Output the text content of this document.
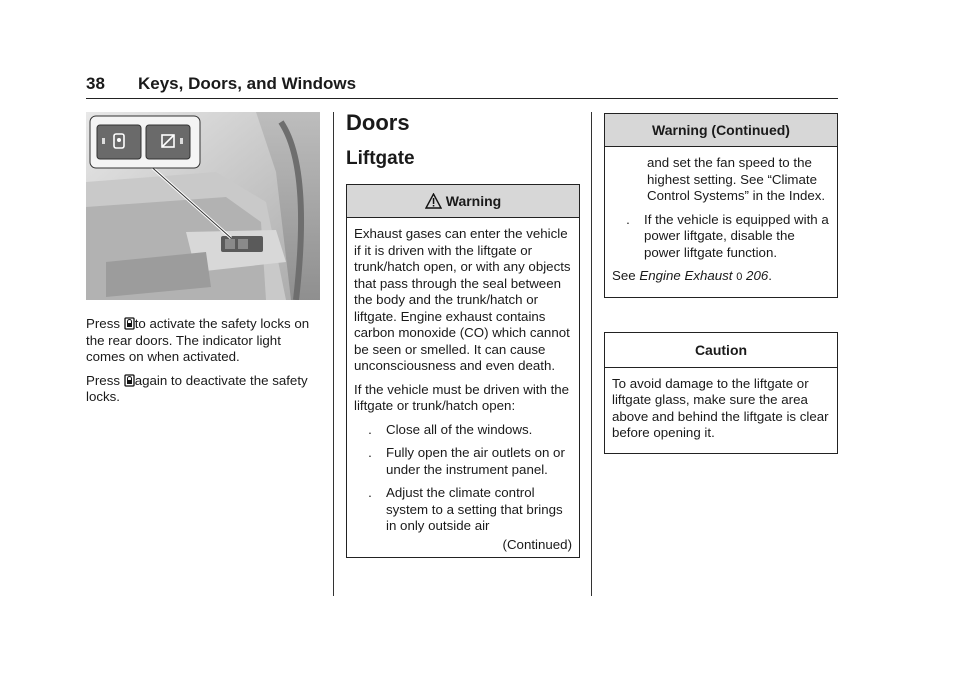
38 Keys, Doors, and Windows

Press to activate the safety locks on the rear doors. The indicator light comes on when activated.

Press again to deactivate the safety locks.

Doors
Liftgate
Warning

Exhaust gases can enter the vehicle if it is driven with the liftgate or trunk/hatch open, or with any objects that pass through the seal between the body and the trunk/hatch or liftgate. Engine exhaust contains carbon monoxide (CO) which cannot be seen or smelled. It can cause unconsciousness and even death.

If the vehicle must be driven with the liftgate or trunk/hatch open:

.	Close all of the windows.
.	Fully open the air outlets on or under the instrument panel.
.	Adjust the climate control system to a setting that brings in only outside air
(Continued)
Warning (Continued)

and set the fan speed to the highest setting. See “Climate Control Systems” in the Index.

.	If the vehicle is equipped with a power liftgate, disable the power liftgate function.

See Engine Exhaust 0 206.

Caution

To avoid damage to the liftgate or liftgate glass, make sure the area above and behind the liftgate is clear before opening it.
